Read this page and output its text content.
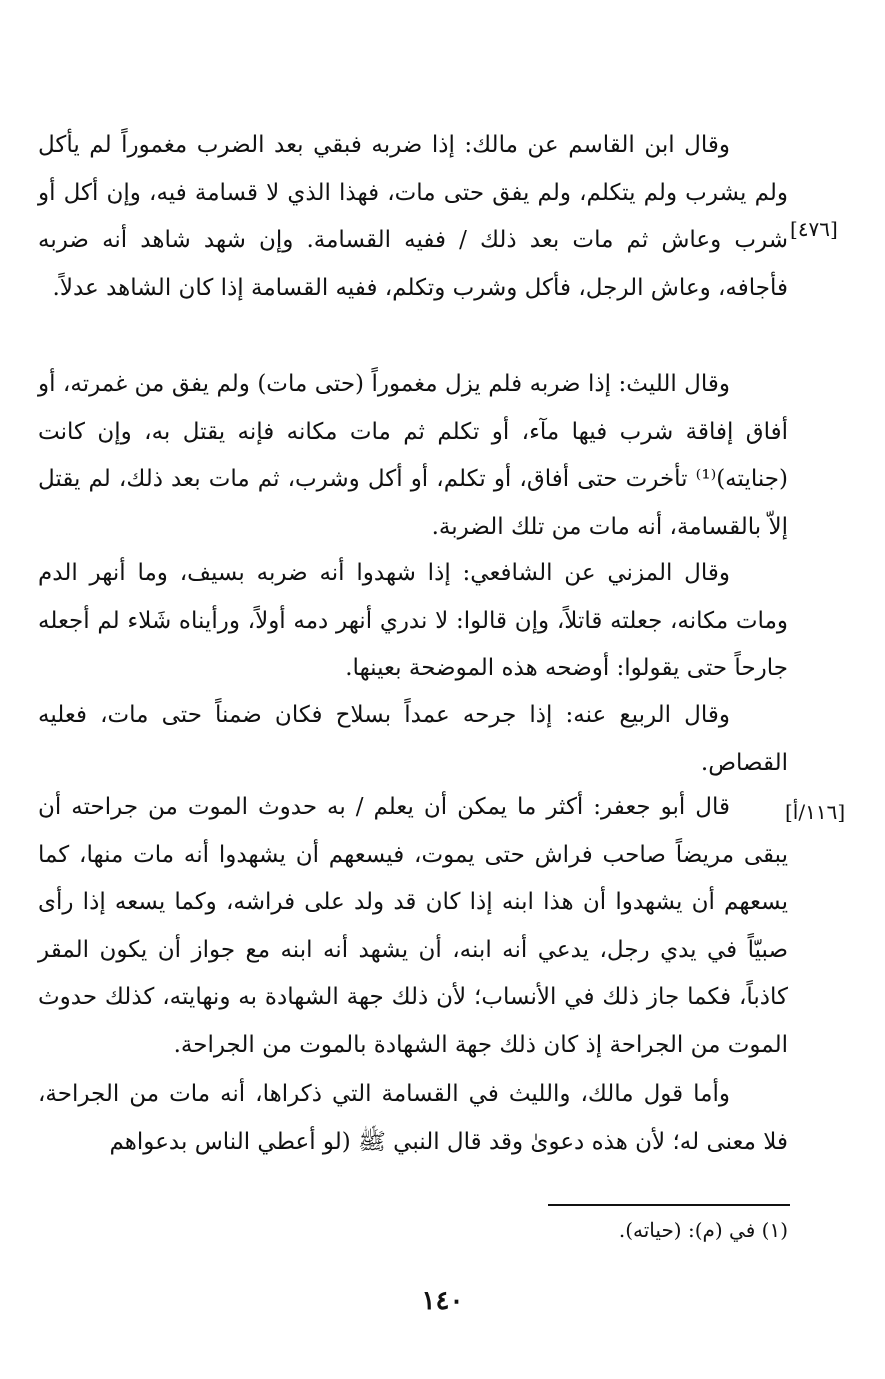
وقال ابن القاسم عن مالك: إذا ضربه فبقي بعد الضرب مغموراً لم يأكل ولم يشرب ولم يتكلم، ولم يفق حتى مات، فهذا الذي لا قسامة فيه، وإن أكل أو شرب وعاش ثم مات بعد ذلك / ففيه القسامة. وإن شهد شاهد أنه ضربه فأجافه، وعاش الرجل، فأكل وشرب وتكلم، ففيه القسامة إذا كان الشاهد عدلاً.

[٤٧٦]

وقال الليث: إذا ضربه فلم يزل مغموراً (حتى مات) ولم يفق من غمرته، أو أفاق إفاقة شرب فيها مآء، أو تكلم ثم مات مكانه فإنه يقتل به، وإن كانت (جنايته)⁽¹⁾ تأخرت حتى أفاق، أو تكلم، أو أكل وشرب، ثم مات بعد ذلك، لم يقتل إلاّ بالقسامة، أنه مات من تلك الضربة.

وقال المزني عن الشافعي: إذا شهدوا أنه ضربه بسيف، وما أنهر الدم ومات مكانه، جعلته قاتلاً، وإن قالوا: لا ندري أنهر دمه أولاً، ورأيناه شَلاء لم أجعله جارحاً حتى يقولوا: أوضحه هذه الموضحة بعينها.

وقال الربيع عنه: إذا جرحه عمداً بسلاح فكان ضمناً حتى مات، فعليه القصاص.

[١١٦/أ]

قال أبو جعفر: أكثر ما يمكن أن يعلم / به حدوث الموت من جراحته أن يبقى مريضاً صاحب فراش حتى يموت، فيسعهم أن يشهدوا أنه مات منها، كما يسعهم أن يشهدوا أن هذا ابنه إذا كان قد ولد على فراشه، وكما يسعه إذا رأى صبيّاً في يدي رجل، يدعي أنه ابنه، أن يشهد أنه ابنه مع جواز أن يكون المقر كاذباً، فكما جاز ذلك في الأنساب؛ لأن ذلك جهة الشهادة به ونهايته، كذلك حدوث الموت من الجراحة إذ كان ذلك جهة الشهادة بالموت من الجراحة.

وأما قول مالك، والليث في القسامة التي ذكراها، أنه مات من الجراحة، فلا معنى له؛ لأن هذه دعوىٰ وقد قال النبي ﷺ (لو أعطي الناس بدعواهم

(١) في (م): (حياته).
١٤٠
